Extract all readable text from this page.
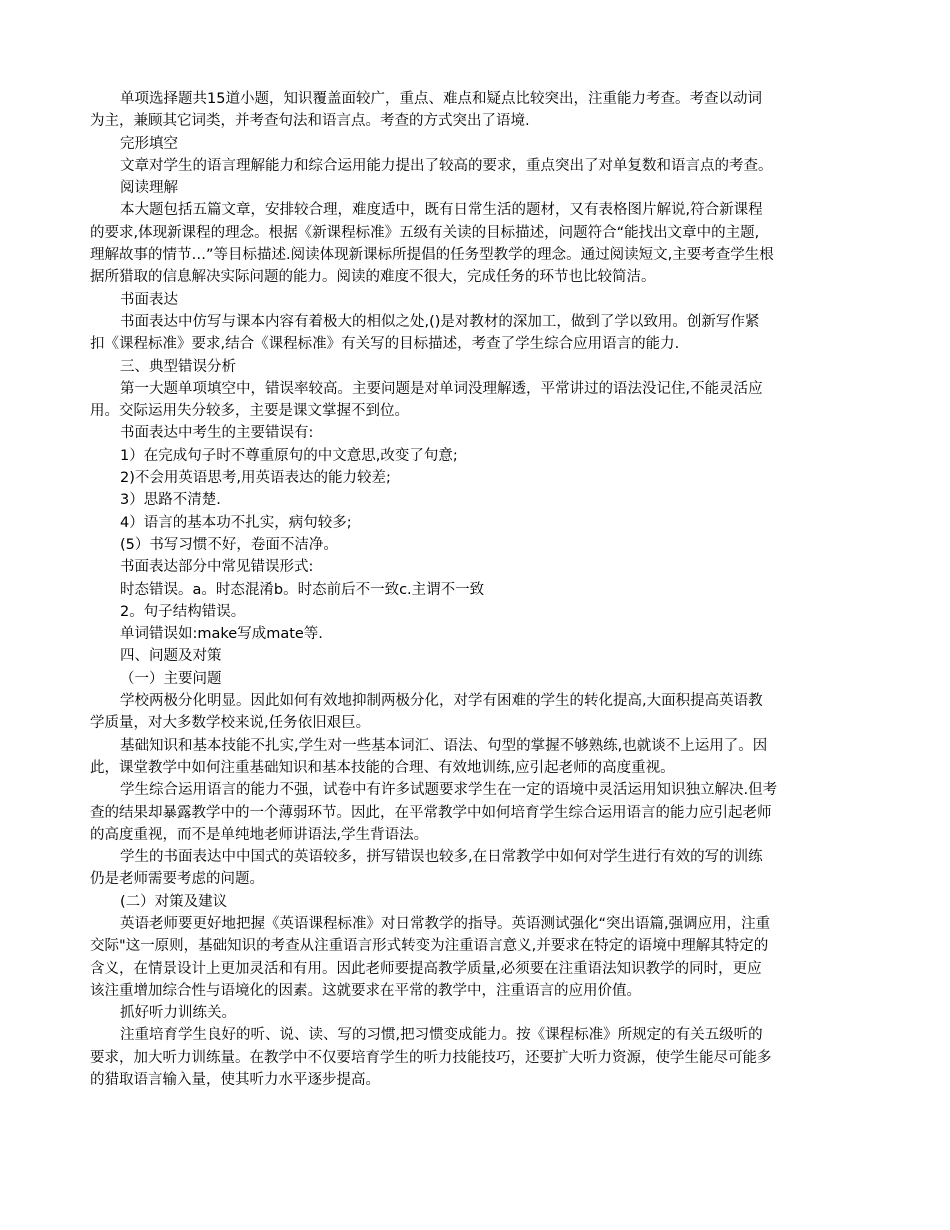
单项选择题共15道小题，知识覆盖面较广，重点、难点和疑点比较突出，注重能力考查。考查以动词
为主，兼顾其它词类，并考查句法和语言点。考查的方式突出了语境.
完形填空
文章对学生的语言理解能力和综合运用能力提出了较高的要求，重点突出了对单复数和语言点的考查。
阅读理解
本大题包括五篇文章，安排较合理，难度适中，既有日常生活的题材，又有表格图片解说,符合新课程
的要求,体现新课程的理念。根据《新课程标准》五级有关读的目标描述，问题符合“能找出文章中的主题,
理解故事的情节…”等目标描述.阅读体现新课标所提倡的任务型教学的理念。通过阅读短文,主要考查学生根
据所猎取的信息解决实际问题的能力。阅读的难度不很大，完成任务的环节也比较简洁。
书面表达
书面表达中仿写与课本内容有着极大的相似之处,()是对教材的深加工，做到了学以致用。创新写作紧
扣《课程标准》要求,结合《课程标准》有关写的目标描述，考查了学生综合应用语言的能力.
三、典型错误分析
第一大题单项填空中，错误率较高。主要问题是对单词没理解透，平常讲过的语法没记住,不能灵活应
用。交际运用失分较多，主要是课文掌握不到位。
书面表达中考生的主要错误有:
1）在完成句子时不尊重原句的中文意思,改变了句意;
2)不会用英语思考,用英语表达的能力较差;
3）思路不清楚.
4）语言的基本功不扎实，病句较多;
(5）书写习惯不好，卷面不洁净。
书面表达部分中常见错误形式:
时态错误。a。时态混淆b。时态前后不一致c.主谓不一致
2。句子结构错误。
单词错误如:make写成mate等.
四、问题及对策
（一）主要问题
学校两极分化明显。因此如何有效地抑制两极分化，对学有困难的学生的转化提高,大面积提高英语教
学质量，对大多数学校来说,任务依旧艰巨。
基础知识和基本技能不扎实,学生对一些基本词汇、语法、句型的掌握不够熟练,也就谈不上运用了。因
此，课堂教学中如何注重基础知识和基本技能的合理、有效地训练,应引起老师的高度重视。
学生综合运用语言的能力不强，试卷中有许多试题要求学生在一定的语境中灵活运用知识独立解决.但考
查的结果却暴露教学中的一个薄弱环节。因此，在平常教学中如何培育学生综合运用语言的能力应引起老师
的高度重视，而不是单纯地老师讲语法,学生背语法。
学生的书面表达中中国式的英语较多，拼写错误也较多,在日常教学中如何对学生进行有效的写的训练
仍是老师需要考虑的问题。
(二）对策及建议
英语老师要更好地把握《英语课程标准》对日常教学的指导。英语测试强化“突出语篇,强调应用，注重
交际"这一原则，基础知识的考查从注重语言形式转变为注重语言意义,并要求在特定的语境中理解其特定的
含义，在情景设计上更加灵活和有用。因此老师要提高教学质量,必须要在注重语法知识教学的同时，更应
该注重增加综合性与语境化的因素。这就要求在平常的教学中，注重语言的应用价值。
抓好听力训练关。
注重培育学生良好的听、说、读、写的习惯,把习惯变成能力。按《课程标准》所规定的有关五级听的
要求，加大听力训练量。在教学中不仅要培育学生的听力技能技巧，还要扩大听力资源，使学生能尽可能多
的猎取语言输入量，使其听力水平逐步提高。
